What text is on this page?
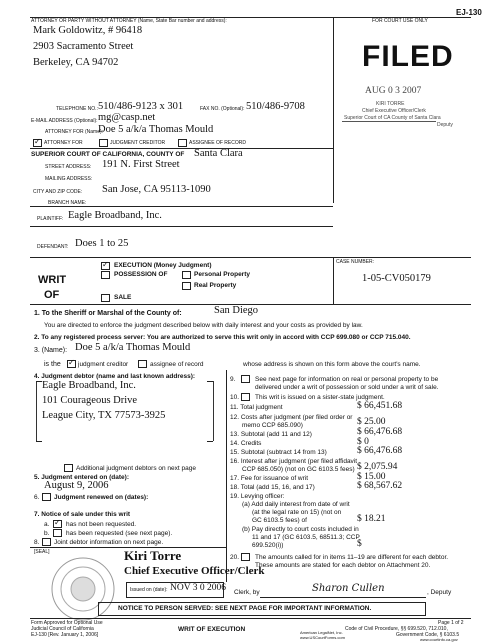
EJ-130
ATTORNEY OR PARTY WITHOUT ATTORNEY (Name, State Bar number and address):	FOR COURT USE ONLY
Mark Goldowitz, # 96418
2903 Sacramento Street
Berkeley, CA 94702
TELEPHONE NO.: 510/486-9123 x 301	FAX NO. (Optional): 510/486-9708
E-MAIL ADDRESS (Optional): mg@casp.net
ATTORNEY FOR (Name):
Doe 5 a/k/a Thomas Mould
✓
ATTORNEY FOR	JUDGMENT CREDITOR	ASSIGNEE OF RECORD
FILED
AUG 0 3 2007
KIRI TORRE
Chief Executive Officer/Clerk
Superior Court of CA County of Santa Clara
Deputy
SUPERIOR COURT OF CALIFORNIA, COUNTY OF Santa Clara
STREET ADDRESS: 191 N. First Street
MAILING ADDRESS:
CITY AND ZIP CODE: San Jose, CA 95113-1090
BRANCH NAME:
PLAINTIFF: Eagle Broadband, Inc.
DEFENDANT: Does 1 to 25
WRIT
OF
✓
EXECUTION (Money Judgment)
POSSESSION OF	Personal Property
Real Property
SALE
CASE NUMBER:
1-05-CV050179
1. To the Sheriff or Marshal of the County of:	San Diego
You are directed to enforce the judgment described below with daily interest and your costs as provided by law.
2. To any registered process server: You are authorized to serve this writ only in accord with CCP 699.080 or CCP 715.040.
3. (Name): Doe 5 a/k/a Thomas Mould
is the ✓	judgment creditor	assignee of record	whose address is shown on this form above the court's name.
4. Judgment debtor (name and last known address):
Eagle Broadband, Inc.
101 Courageous Drive
League City, TX 77573-3925
Additional judgment debtors on next page
5. Judgment entered on (date):
August 9, 2006
6. Judgment renewed on (dates):
7. Notice of sale under this writ
a. ✓	has not been requested.
b.	has been requested (see next page).
8. Joint debtor information on next page.
[SEAL]
9.	See next page for information on real or personal property to be
delivered under a writ of possession or sold under a writ of sale.
10. This writ is issued on a sister-state judgment.
11. Total judgment	$ 66,451.68
12. Costs after judgment (per filed order or
memo CCP 685.090)	$ 25.00
13. Subtotal (add 11 and 12)	$ 66,476.68
14. Credits	$ 0
15. Subtotal (subtract 14 from 13)	$ 66,476.68
16. Interest after judgment (per filed affidavit
CCP 685.050) (not on GC 6103.5 fees) $ 2,075.94
17. Fee for issuance of writ	$ 15.00
18. Total (add 15, 16, and 17)	$ 68,567.62
19. Levying officer:
(a) Add daily interest from date of writ
(at the legal rate on 15) (not on
GC 6103.5 fees) of	$ 18.21
(b) Pay directly to court costs included in
11 and 17 (GC 6103.5, 68511.3; CCP
699.520(i))	$
20. The amounts called for in items 11–19 are different for each debtor.
These amounts are stated for each debtor on Attachment 20.
Kiri Torre
Chief Executive Officer/Clerk
Issued on (date): NOV 3 0 2006 Clerk, by	Sharon Cullen	, Deputy
NOTICE TO PERSON SERVED: SEE NEXT PAGE FOR IMPORTANT INFORMATION.
Page 1 of 2
Form Approved for Optional Use
Judicial Council of California
EJ-130 [Rev. January 1, 2006]
WRIT OF EXECUTION	Code of Civil Procedure, §§ 699.520, 712.010,
Government Code, § 6103.5
www.courtinfo.ca.gov
American LegalNet, Inc.
www.USCourtForms.com
